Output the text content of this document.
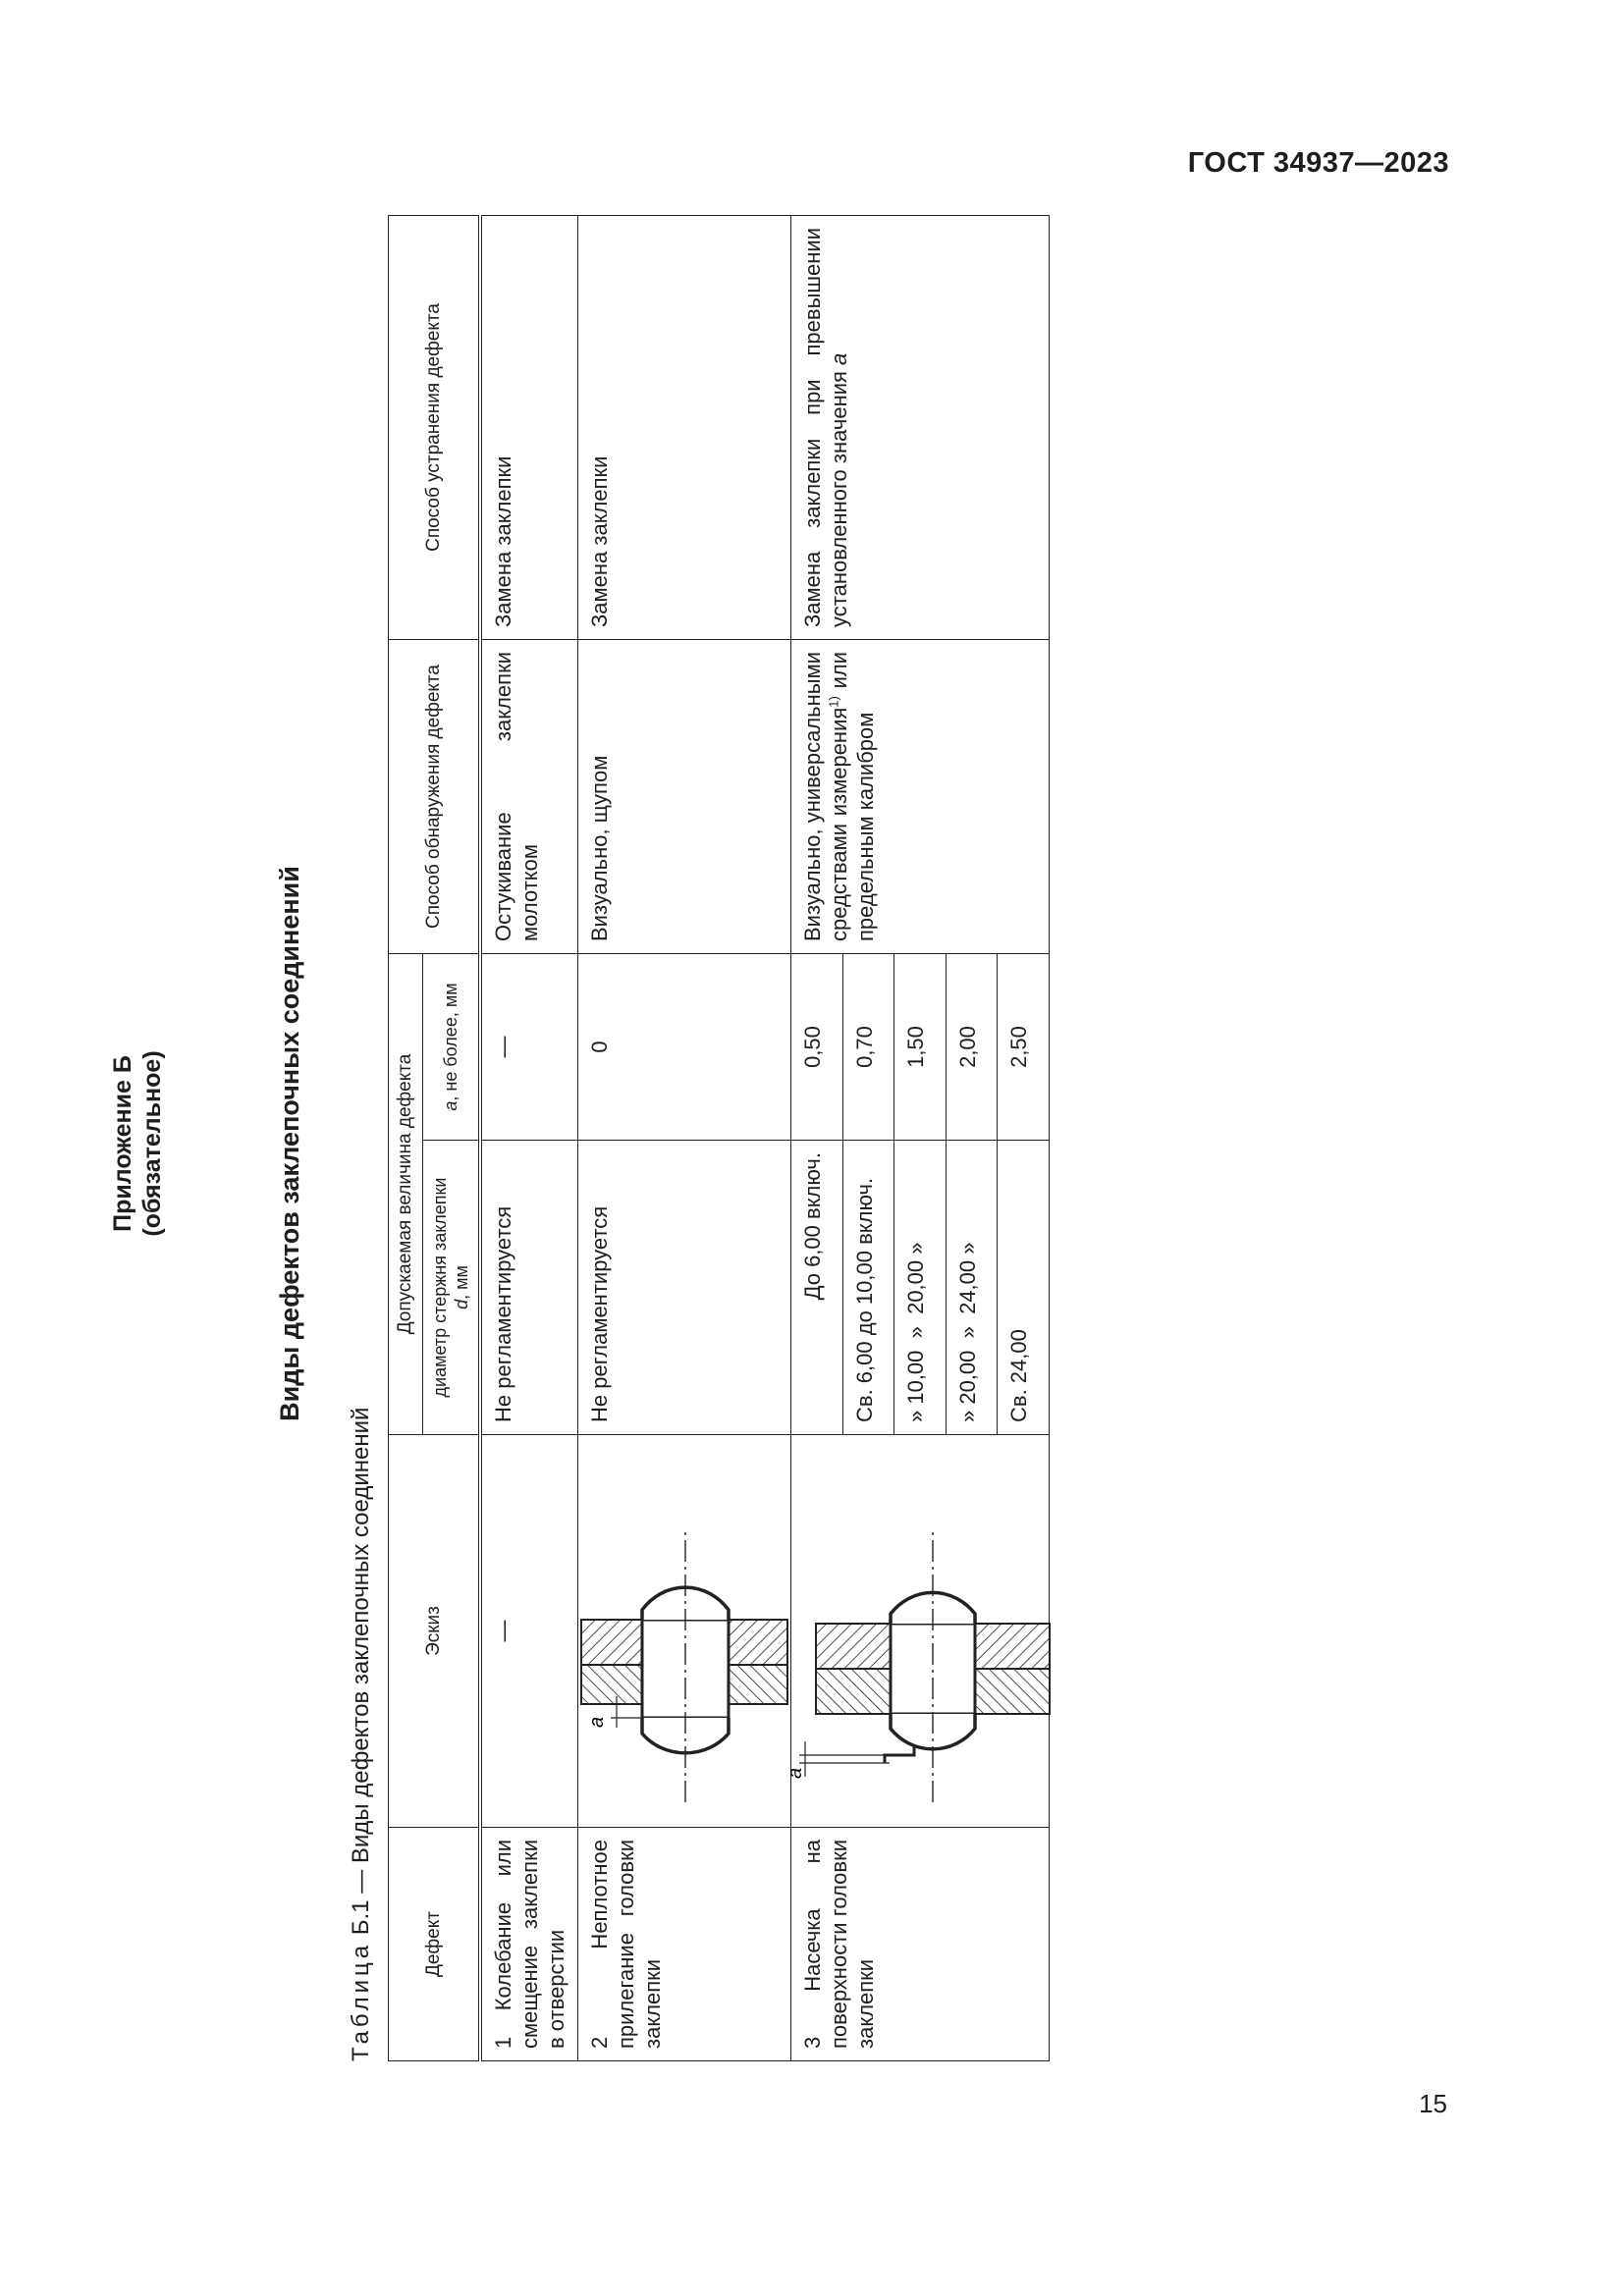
ГОСТ 34937—2023
Приложение Б (обязательное)	Виды дефектов заклепочных соединений
Таблица Б.1 — Виды дефектов заклепочных соединений
Дефект	Эскиз	Допускаемая величина дефекта		Способ обнаружения дефекта	Способ устранения дефекта
		диаметр стержня заклепки d, мм	a, не более, мм		
1 Колебание или смещение заклепки в отверстии	—	Не регламентируется	—	Остукивание заклепки молотком	Замена заклепки
2 Неплотное прилегание головки заклепки	a	Не регламентируется	0	Визуально, щупом	Замена заклепки
3 Насечка на поверхности головки заклепки	a	До 6,00 включ.	0,50	Визуально, универсальными средствами измерения$^{1)}$ или предельным калибром	Замена заклепки при превышении установленного значения a
		Св. 6,00 до 10,00 включ.	0,70		
		» 10,00  »  20,00 »	1,50		
		» 20,00  »  24,00 »	2,00		
		Св. 24,00	2,50		
15
